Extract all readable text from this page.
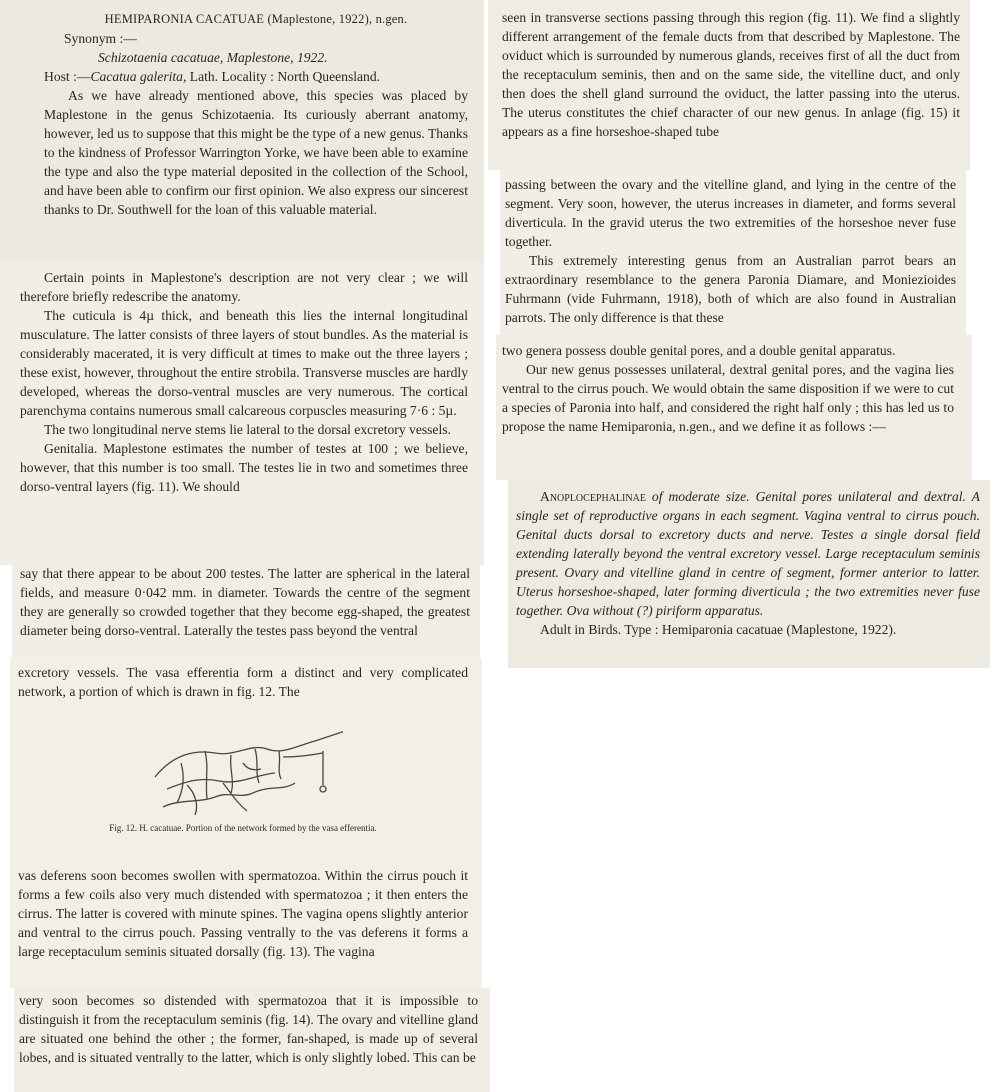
HEMIPARONIA CACATUAE (Maplestone, 1922), n.gen.

Synonym :—

Schizotaenia cacatuae, Maplestone, 1922.

Host :—Cacatua galerita, Lath. Locality : North Queensland.

As we have already mentioned above, this species was placed by Maplestone in the genus Schizotaenia. Its curiously aberrant anatomy, however, led us to suppose that this might be the type of a new genus. Thanks to the kindness of Professor Warrington Yorke, we have been able to examine the type and also the type material deposited in the collection of the School, and have been able to confirm our first opinion. We also express our sincerest thanks to Dr. Southwell for the loan of this valuable material.

Certain points in Maplestone's description are not very clear ; we will therefore briefly redescribe the anatomy.

The cuticula is 4µ thick, and beneath this lies the internal longitudinal musculature. The latter consists of three layers of stout bundles. As the material is considerably macerated, it is very difficult at times to make out the three layers ; these exist, however, throughout the entire strobila. Transverse muscles are hardly developed, whereas the dorso-ventral muscles are very numerous. The cortical parenchyma contains numerous small calcareous corpuscles measuring 7·6 : 5µ.

The two longitudinal nerve stems lie lateral to the dorsal excretory vessels.

Genitalia. Maplestone estimates the number of testes at 100 ; we believe, however, that this number is too small. The testes lie in two and sometimes three dorso-ventral layers (fig. 11). We should

say that there appear to be about 200 testes. The latter are spherical in the lateral fields, and measure 0·042 mm. in diameter. Towards the centre of the segment they are generally so crowded together that they become egg-shaped, the greatest diameter being dorso-ventral. Laterally the testes pass beyond the ventral

excretory vessels. The vasa efferentia form a distinct and very complicated network, a portion of which is drawn in fig. 12. The

Fig. 12. H. cacatuae. Portion of the network formed by the vasa efferentia.

vas deferens soon becomes swollen with spermatozoa. Within the cirrus pouch it forms a few coils also very much distended with spermatozoa ; it then enters the cirrus. The latter is covered with minute spines. The vagina opens slightly anterior and ventral to the cirrus pouch. Passing ventrally to the vas deferens it forms a large receptaculum seminis situated dorsally (fig. 13). The vagina

very soon becomes so distended with spermatozoa that it is impossible to distinguish it from the receptaculum seminis (fig. 14). The ovary and vitelline gland are situated one behind the other ; the former, fan-shaped, is made up of several lobes, and is situated ventrally to the latter, which is only slightly lobed. This can be

seen in transverse sections passing through this region (fig. 11). We find a slightly different arrangement of the female ducts from that described by Maplestone. The oviduct which is surrounded by numerous glands, receives first of all the duct from the receptaculum seminis, then and on the same side, the vitelline duct, and only then does the shell gland surround the oviduct, the latter passing into the uterus. The uterus constitutes the chief character of our new genus. In anlage (fig. 15) it appears as a fine horseshoe-shaped tube

passing between the ovary and the vitelline gland, and lying in the centre of the segment. Very soon, however, the uterus increases in diameter, and forms several diverticula. In the gravid uterus the two extremities of the horseshoe never fuse together.

This extremely interesting genus from an Australian parrot bears an extraordinary resemblance to the genera Paronia Diamare, and Moniezioides Fuhrmann (vide Fuhrmann, 1918), both of which are also found in Australian parrots. The only difference is that these

two genera possess double genital pores, and a double genital apparatus.

Our new genus possesses unilateral, dextral genital pores, and the vagina lies ventral to the cirrus pouch. We would obtain the same disposition if we were to cut a species of Paronia into half, and considered the right half only ; this has led us to propose the name Hemiparonia, n.gen., and we define it as follows :—

Anoplocephalinae of moderate size. Genital pores unilateral and dextral. A single set of reproductive organs in each segment. Vagina ventral to cirrus pouch. Genital ducts dorsal to excretory ducts and nerve. Testes a single dorsal field extending laterally beyond the ventral excretory vessel. Large receptaculum seminis present. Ovary and vitelline gland in centre of segment, former anterior to latter. Uterus horseshoe-shaped, later forming diverticula ; the two extremities never fuse together. Ova without (?) piriform apparatus.

Adult in Birds. Type : Hemiparonia cacatuae (Maplestone, 1922).
